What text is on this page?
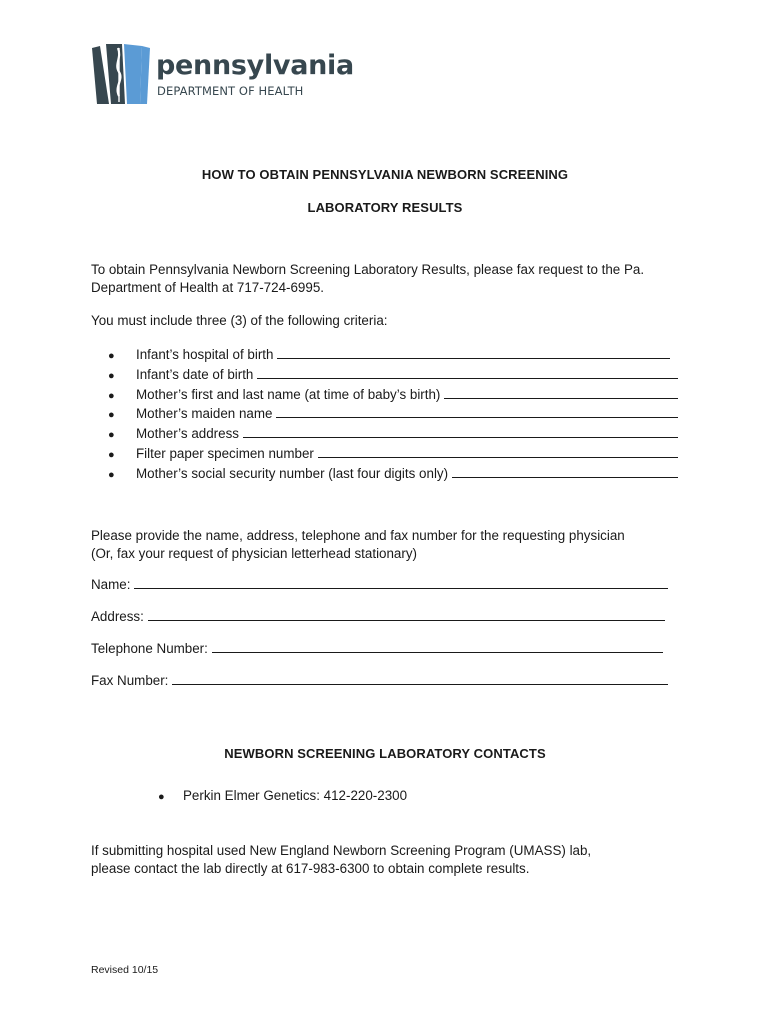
pennsylvania
DEPARTMENT OF HEALTH
HOW TO OBTAIN PENNSYLVANIA NEWBORN SCREENING
LABORATORY RESULTS
To obtain Pennsylvania Newborn Screening Laboratory Results, please fax request to the Pa.
Department of Health at 717-724-6995.
You must include three (3) of the following criteria:
●	Infant’s hospital of birth
●	Infant’s date of birth
●	Mother’s first and last name (at time of baby’s birth)
●	Mother’s maiden name
●	Mother’s address
●	Filter paper specimen number
●	Mother’s social security number (last four digits only)
Please provide the name, address, telephone and fax number for the requesting physician
(Or, fax your request of physician letterhead stationary)
Name:
Address:
Telephone Number:
Fax Number:
NEWBORN SCREENING LABORATORY CONTACTS
● Perkin Elmer Genetics: 412-220-2300
If submitting hospital used New England Newborn Screening Program (UMASS) lab,
please contact the lab directly at 617-983-6300 to obtain complete results.
Revised 10/15
